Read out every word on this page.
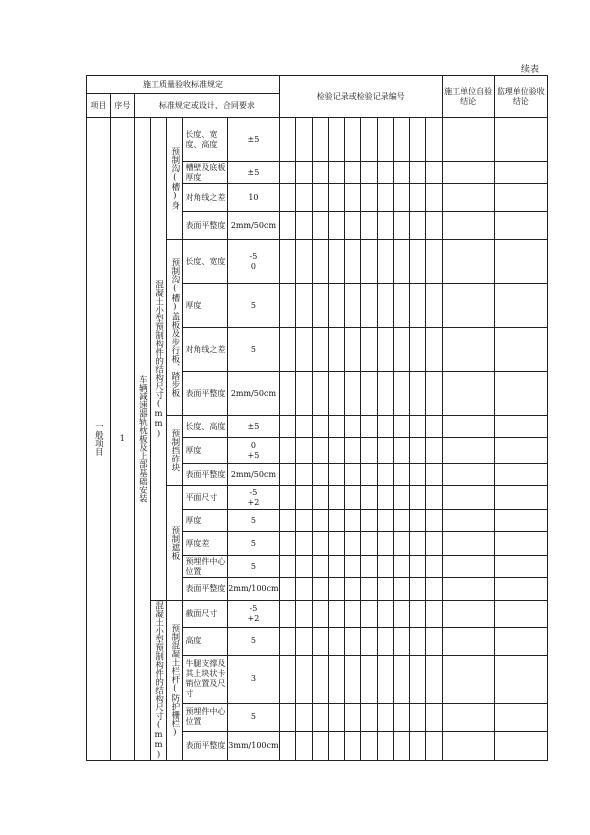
续表
施工质量验收标准规定							检验记录或检验记录编号										施工单位自验结论	监理单位验收结论
项目	序号	标准规定或设计、合同要求																

一般项目	1	车辆减速器轨枕板及上部基础安装	混凝土小型预制构件的结构尺寸(mm)	预制沟(槽)身	长度、宽度、高度	±5												
					槽壁及底板厚度	±5												
					对角线之差	10												
					表面平整度	2mm/50cm												

				预制沟(槽)盖板及步行板、踏步板	长度、宽度	-5
0												
					厚度	5												
					对角线之差	5												
					表面平整度	2mm/50cm												

				预制挡砟块	长度、高度	±5												
					厚度	0
+5												
					表面平整度	2mm/50cm												

				预制遮板	平面尺寸	-5
+2												
					厚度	5												
					厚度差	5												
					预埋件中心位置	5												
					表面平整度	2mm/100cm												

			混凝土小型预制构件的结构尺寸(mm)	预制混凝土栏杆(防护栅栏)	截面尺寸	-5
+2												
					高度	5												
					牛腿支撑及其上块状卡销位置及尺寸	3												
					预埋件中心位置	5												
					表面平整度	3mm/100cm												
